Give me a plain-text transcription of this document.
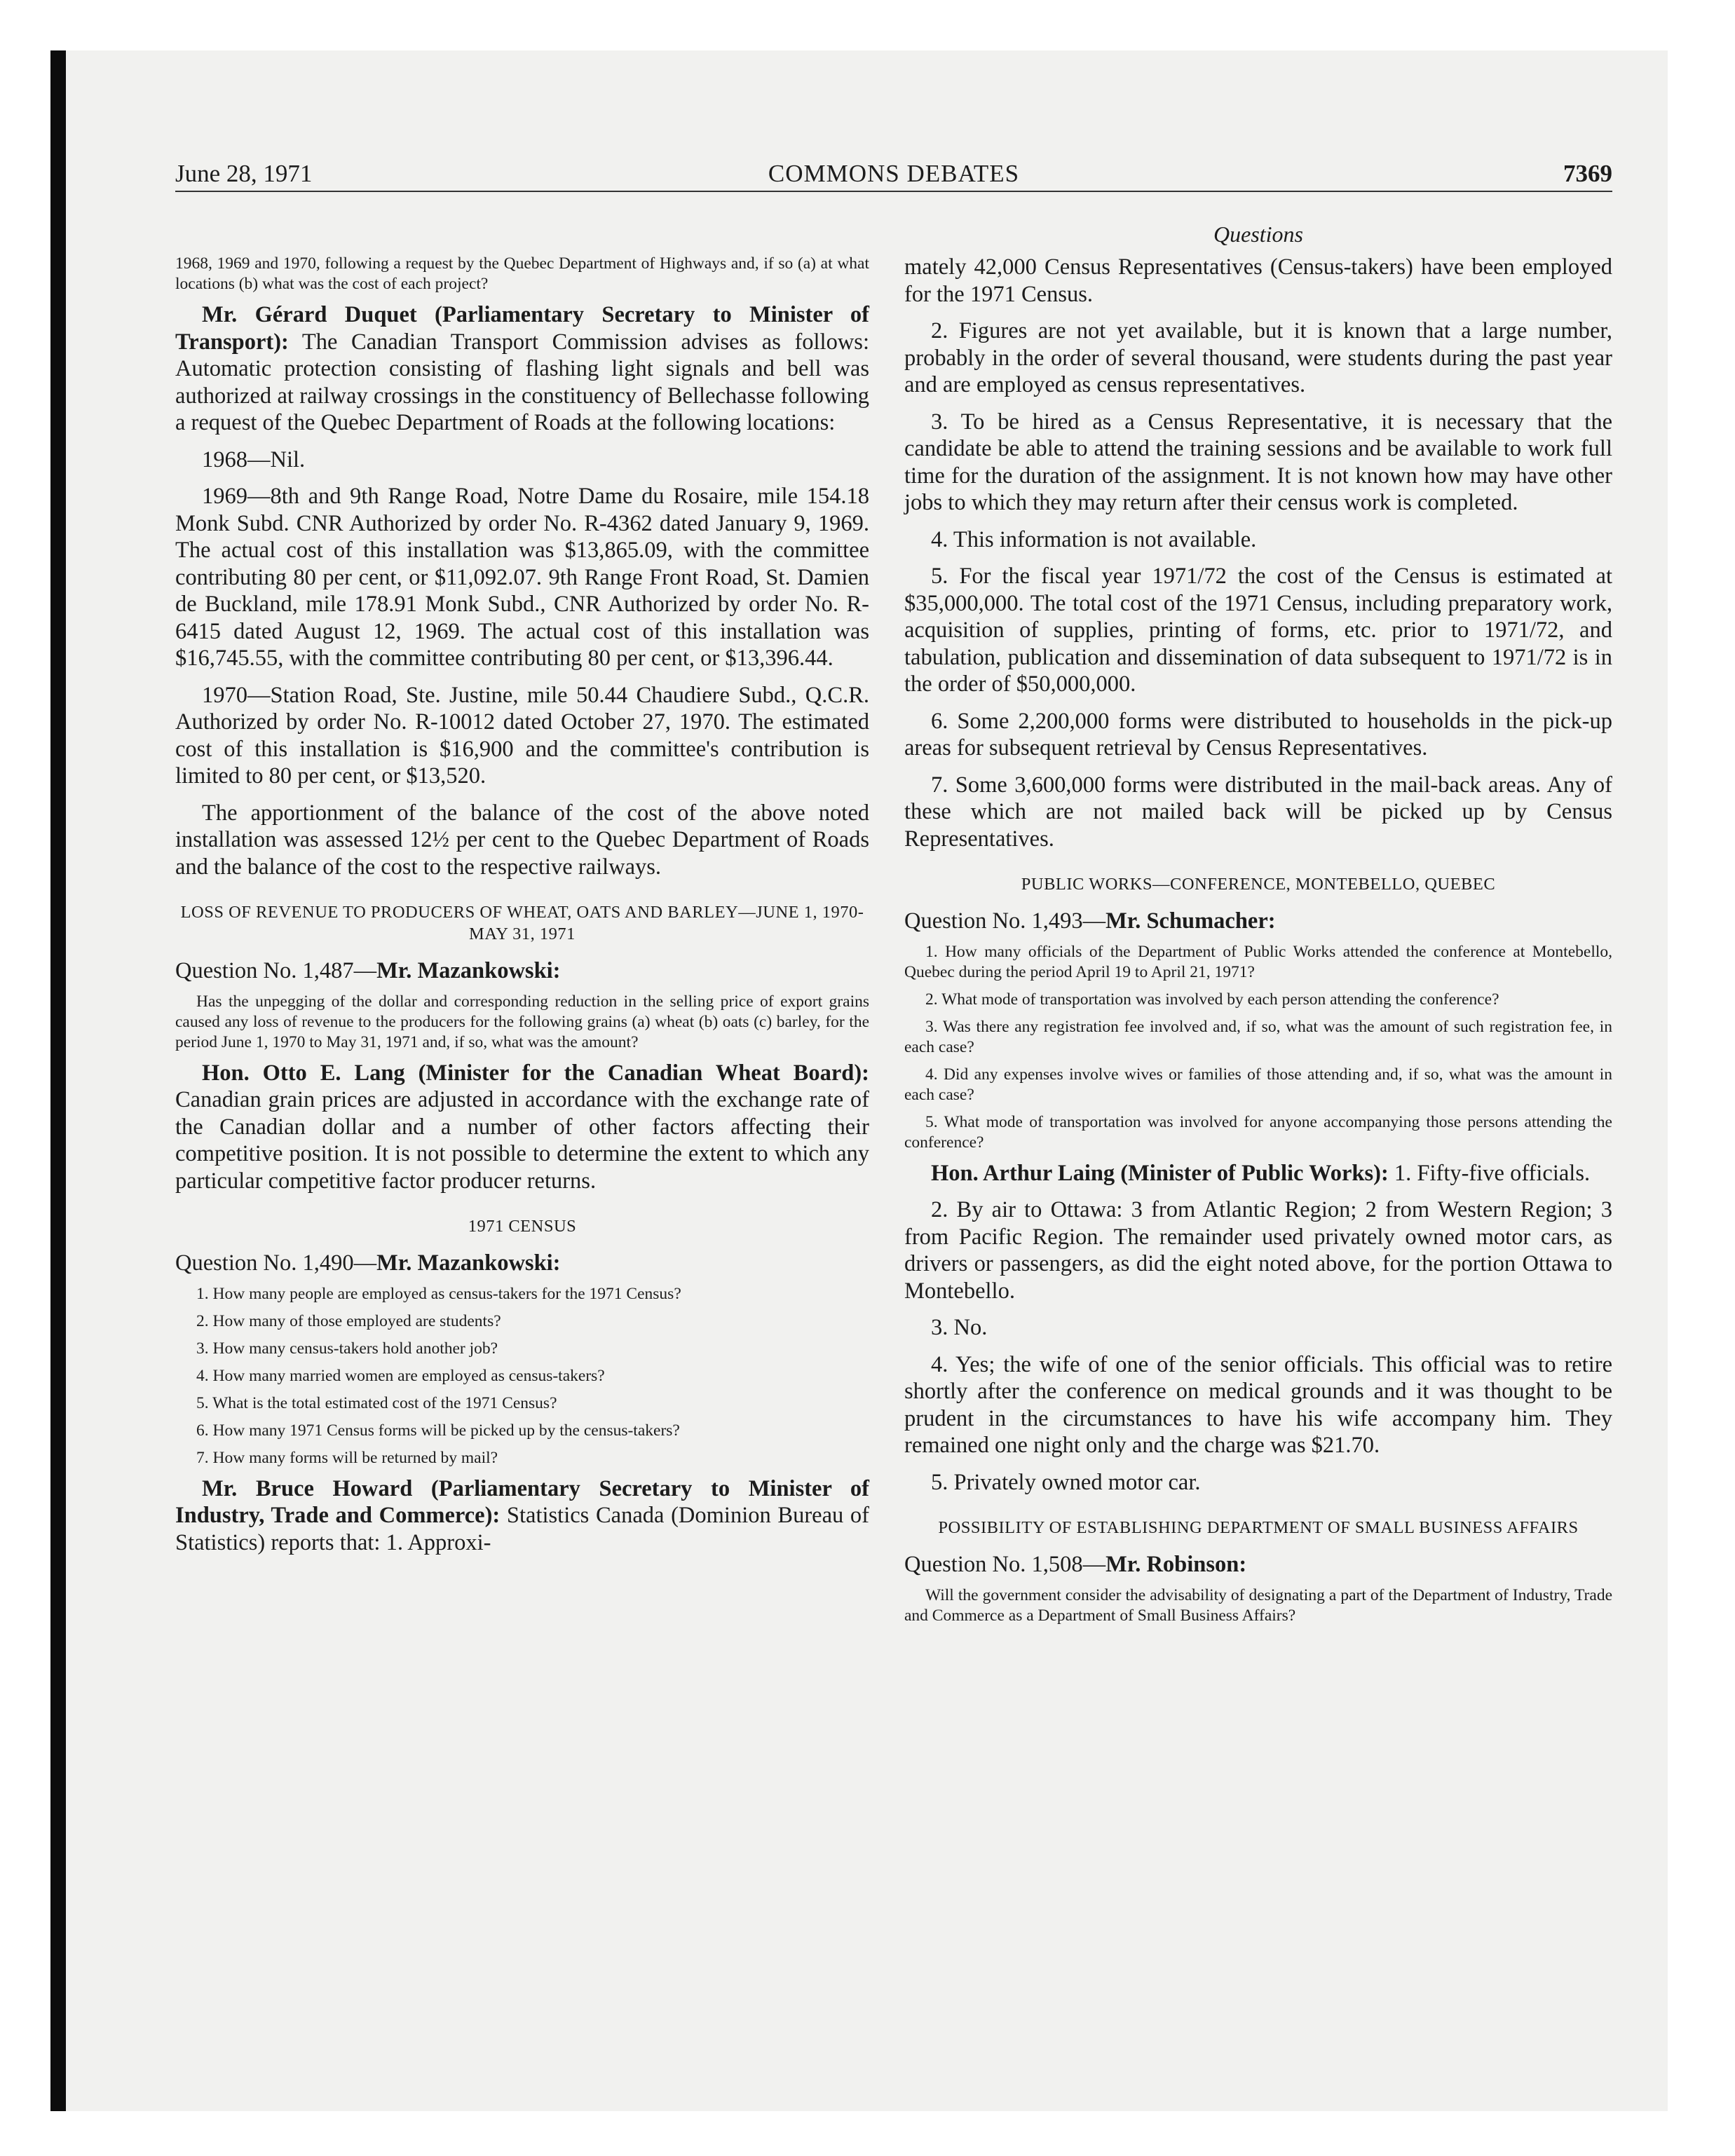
June 28, 1971	COMMONS DEBATES	7369
Questions

1968, 1969 and 1970, following a request by the Quebec Department of Highways and, if so (a) at what locations (b) what was the cost of each project?

Mr. Gérard Duquet (Parliamentary Secretary to Minister of Transport): The Canadian Transport Commission advises as follows: Automatic protection consisting of flashing light signals and bell was authorized at railway crossings in the constituency of Bellechasse following a request of the Quebec Department of Roads at the following locations:

1968—Nil.

1969—8th and 9th Range Road, Notre Dame du Rosaire, mile 154.18 Monk Subd. CNR Authorized by order No. R-4362 dated January 9, 1969. The actual cost of this installation was $13,865.09, with the committee contributing 80 per cent, or $11,092.07. 9th Range Front Road, St. Damien de Buckland, mile 178.91 Monk Subd., CNR Authorized by order No. R-6415 dated August 12, 1969. The actual cost of this installation was $16,745.55, with the committee contributing 80 per cent, or $13,396.44.

1970—Station Road, Ste. Justine, mile 50.44 Chaudiere Subd., Q.C.R. Authorized by order No. R-10012 dated October 27, 1970. The estimated cost of this installation is $16,900 and the committee's contribution is limited to 80 per cent, or $13,520.

The apportionment of the balance of the cost of the above noted installation was assessed 12½ per cent to the Quebec Department of Roads and the balance of the cost to the respective railways.

LOSS OF REVENUE TO PRODUCERS OF WHEAT, OATS AND BARLEY—JUNE 1, 1970-MAY 31, 1971

Question No. 1,487—Mr. Mazankowski:

Has the unpegging of the dollar and corresponding reduction in the selling price of export grains caused any loss of revenue to the producers for the following grains (a) wheat (b) oats (c) barley, for the period June 1, 1970 to May 31, 1971 and, if so, what was the amount?

Hon. Otto E. Lang (Minister for the Canadian Wheat Board): Canadian grain prices are adjusted in accordance with the exchange rate of the Canadian dollar and a number of other factors affecting their competitive position. It is not possible to determine the extent to which any particular competitive factor producer returns.

1971 CENSUS

Question No. 1,490—Mr. Mazankowski:

1. How many people are employed as census-takers for the 1971 Census?

2. How many of those employed are students?

3. How many census-takers hold another job?

4. How many married women are employed as census-takers?

5. What is the total estimated cost of the 1971 Census?

6. How many 1971 Census forms will be picked up by the census-takers?

7. How many forms will be returned by mail?

Mr. Bruce Howard (Parliamentary Secretary to Minister of Industry, Trade and Commerce): Statistics Canada (Dominion Bureau of Statistics) reports that: 1. Approxi-

mately 42,000 Census Representatives (Census-takers) have been employed for the 1971 Census.

2. Figures are not yet available, but it is known that a large number, probably in the order of several thousand, were students during the past year and are employed as census representatives.

3. To be hired as a Census Representative, it is necessary that the candidate be able to attend the training sessions and be available to work full time for the duration of the assignment. It is not known how may have other jobs to which they may return after their census work is completed.

4. This information is not available.

5. For the fiscal year 1971/72 the cost of the Census is estimated at $35,000,000. The total cost of the 1971 Census, including preparatory work, acquisition of supplies, printing of forms, etc. prior to 1971/72, and tabulation, publication and dissemination of data subsequent to 1971/72 is in the order of $50,000,000.

6. Some 2,200,000 forms were distributed to households in the pick-up areas for subsequent retrieval by Census Representatives.

7. Some 3,600,000 forms were distributed in the mail-back areas. Any of these which are not mailed back will be picked up by Census Representatives.

PUBLIC WORKS—CONFERENCE, MONTEBELLO, QUEBEC

Question No. 1,493—Mr. Schumacher:

1. How many officials of the Department of Public Works attended the conference at Montebello, Quebec during the period April 19 to April 21, 1971?

2. What mode of transportation was involved by each person attending the conference?

3. Was there any registration fee involved and, if so, what was the amount of such registration fee, in each case?

4. Did any expenses involve wives or families of those attending and, if so, what was the amount in each case?

5. What mode of transportation was involved for anyone accompanying those persons attending the conference?

Hon. Arthur Laing (Minister of Public Works): 1. Fifty-five officials.

2. By air to Ottawa: 3 from Atlantic Region; 2 from Western Region; 3 from Pacific Region. The remainder used privately owned motor cars, as drivers or passengers, as did the eight noted above, for the portion Ottawa to Montebello.

3. No.

4. Yes; the wife of one of the senior officials. This official was to retire shortly after the conference on medical grounds and it was thought to be prudent in the circumstances to have his wife accompany him. They remained one night only and the charge was $21.70.

5. Privately owned motor car.

POSSIBILITY OF ESTABLISHING DEPARTMENT OF SMALL BUSINESS AFFAIRS

Question No. 1,508—Mr. Robinson:

Will the government consider the advisability of designating a part of the Department of Industry, Trade and Commerce as a Department of Small Business Affairs?
